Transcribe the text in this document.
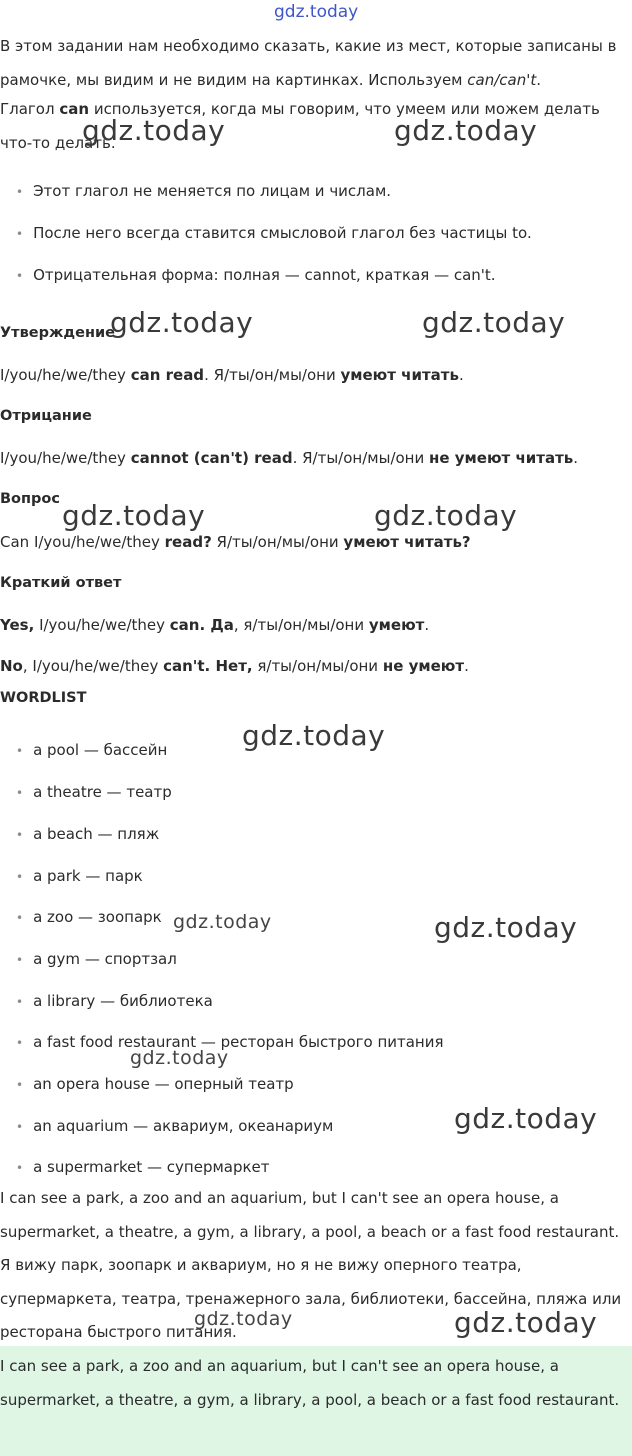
gdz.today

В этом задании нам необходимо сказать, какие из мест, которые записаны в рамочке, мы видим и не видим на картинках. Используем can/can't.

Глагол can используется, когда мы говорим, что умеем или можем делать что-то делать.

• Этот глагол не меняется по лицам и числам.
• После него всегда ставится смысловой глагол без частицы to.
• Отрицательная форма: полная — cannot, краткая — can't.
Утверждение
I/you/he/we/they can read. Я/ты/он/мы/они умеют читать.
Отрицание
I/you/he/we/they cannot (can't) read. Я/ты/он/мы/они не умеют читать.
Вопрос
Can I/you/he/we/they read? Я/ты/он/мы/они умеют читать?
Краткий ответ
Yes, I/you/he/we/they can. Да, я/ты/он/мы/они умеют.
No, I/you/he/we/they can't. Нет, я/ты/он/мы/они не умеют.
WORDLIST
• a pool — бассейн
• a theatre — театр
• a beach — пляж
• a park — парк
• a zoo — зоопарк
• a gym — спортзал
• a library — библиотека
• a fast food restaurant — ресторан быстрого питания
• an opera house — оперный театр
• an aquarium — аквариум, океанариум
• a supermarket — супермаркет

I can see a park, a zoo and an aquarium, but I can't see an opera house, a supermarket, a theatre, a gym, a library, a pool, a beach or a fast food restaurant. Я вижу парк, зоопарк и аквариум, но я не вижу оперного театра, супермаркета, театра, тренажерного зала, библиотеки, бассейна, пляжа или ресторана быстрого питания.

I can see a park, a zoo and an aquarium, but I can't see an opera house, a supermarket, a theatre, a gym, a library, a pool, a beach or a fast food restaurant.

gdz.today	gdz.today
gdz.today	gdz.today
gdz.today	gdz.today
gdz.today
gdz.today	gdz.today
gdz.today
gdz.today
gdz.today	gdz.today
